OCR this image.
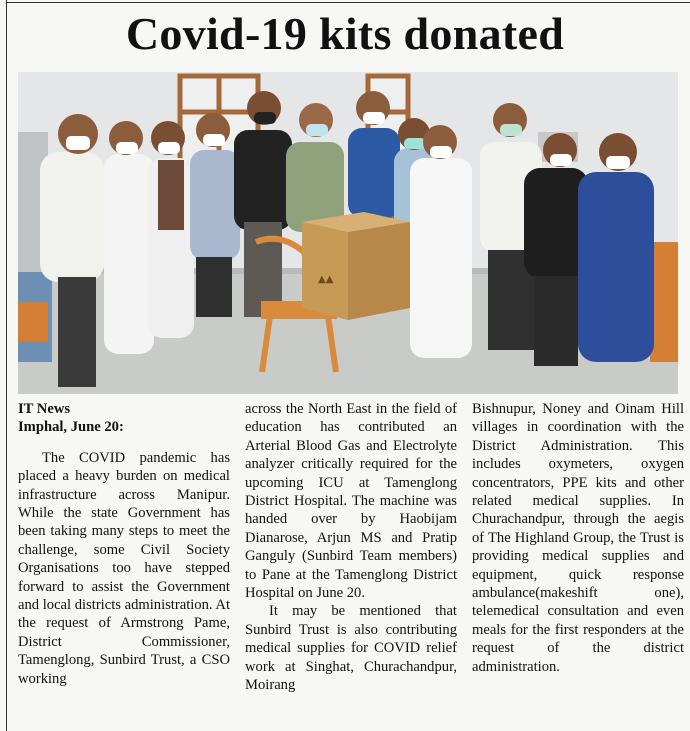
Covid-19 kits donated
▲▲

IT News

Imphal, June 20:

The COVID pandemic has placed a heavy burden on medical infrastructure across Manipur. While the state Government has been taking many steps to meet the challenge, some Civil Society Organisations too have stepped forward to assist the Government and local districts administration. At the request of Armstrong Pame, District Commissioner, Tamenglong, Sunbird Trust, a CSO working

across the North East in the field of education has contributed an Arterial Blood Gas and Electrolyte analyzer critically required for the upcoming ICU at Tamenglong District Hospital. The machine was handed over by Haobijam Dianarose, Arjun MS and Pratip Ganguly (Sunbird Team members) to Pane at the Tamenglong District Hospital on June 20.

It may be mentioned that Sunbird Trust is also contributing medical supplies for COVID relief work at Singhat, Churachandpur, Moirang

Bishnupur, Noney and Oinam Hill villages in coordination with the District Administration. This includes oxymeters, oxygen concentrators, PPE kits and other related medical supplies. In Churachandpur, through the aegis of The Highland Group, the Trust is providing medical supplies and equipment, quick response ambulance(makeshift one), telemedical consultation and even meals for the first responders at the request of the district administration.
